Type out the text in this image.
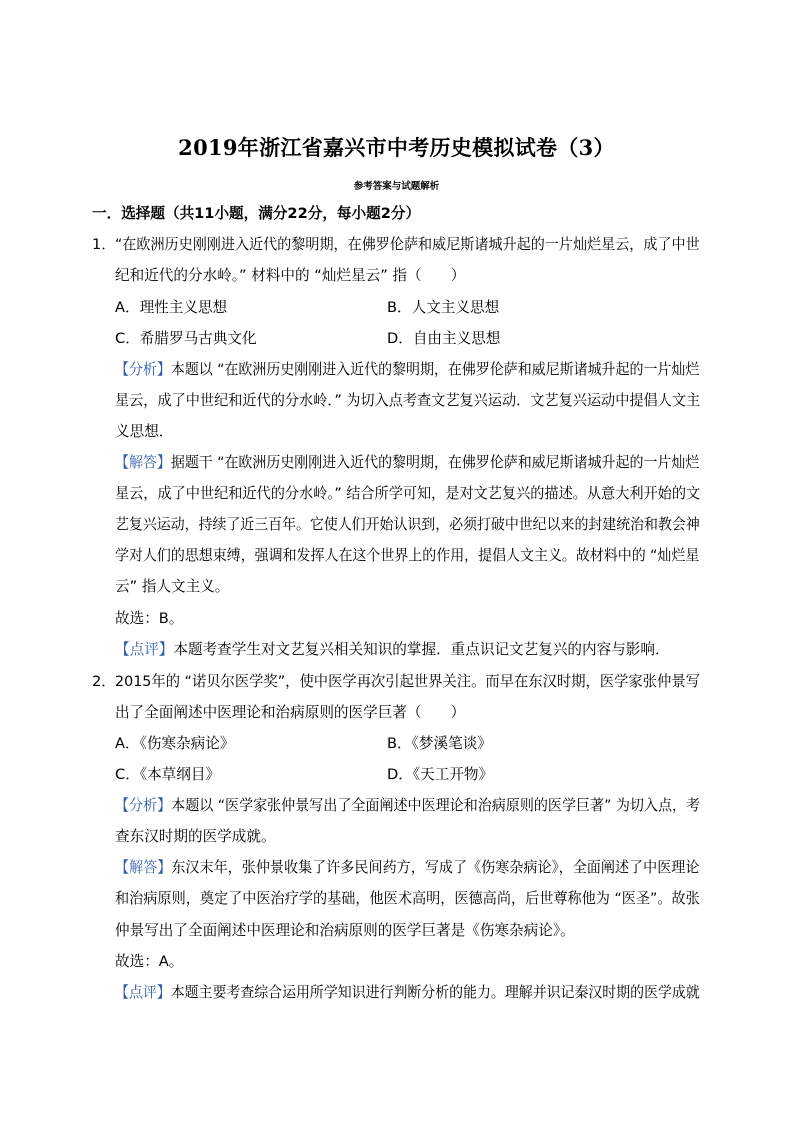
2019年浙江省嘉兴市中考历史模拟试卷（3）
参考答案与试题解析
一．选择题（共11小题，满分22分，每小题2分）
1． “在欧洲历史刚刚进入近代的黎明期，在佛罗伦萨和威尼斯诸城升起的一片灿烂星云，成了中世
纪和近代的分水岭。” 材料中的 “灿烂星云” 指（　　）
A．理性主义思想	B．人文主义思想
C．希腊罗马古典文化	D．自由主义思想
【分析】本题以 “在欧洲历史刚刚进入近代的黎明期，在佛罗伦萨和威尼斯诸城升起的一片灿烂
星云，成了中世纪和近代的分水岭．” 为切入点考查文艺复兴运动．文艺复兴运动中提倡人文主
义思想．
【解答】据题干 “在欧洲历史刚刚进入近代的黎明期，在佛罗伦萨和威尼斯诸城升起的一片灿烂
星云，成了中世纪和近代的分水岭。” 结合所学可知，是对文艺复兴的描述。从意大利开始的文
艺复兴运动，持续了近三百年。它使人们开始认识到，必须打破中世纪以来的封建统治和教会神
学对人们的思想束缚，强调和发挥人在这个世界上的作用，提倡人文主义。故材料中的 “灿烂星
云” 指人文主义。
故选：B。
【点评】本题考查学生对文艺复兴相关知识的掌握．重点识记文艺复兴的内容与影响．
2． 2015年的 “诺贝尔医学奖”，使中医学再次引起世界关注。而早在东汉时期，医学家张仲景写
出了全面阐述中医理论和治病原则的医学巨著（　　）
A．《伤寒杂病论》	B．《梦溪笔谈》
C．《本草纲目》	D．《天工开物》
【分析】本题以 “医学家张仲景写出了全面阐述中医理论和治病原则的医学巨著” 为切入点，考
查东汉时期的医学成就。
【解答】东汉末年，张仲景收集了许多民间药方，写成了《伤寒杂病论》，全面阐述了中医理论
和治病原则，奠定了中医治疗学的基础，他医术高明，医德高尚，后世尊称他为 “医圣”。故张
仲景写出了全面阐述中医理论和治病原则的医学巨著是《伤寒杂病论》。
故选：A。
【点评】本题主要考查综合运用所学知识进行判断分析的能力。理解并识记秦汉时期的医学成就
